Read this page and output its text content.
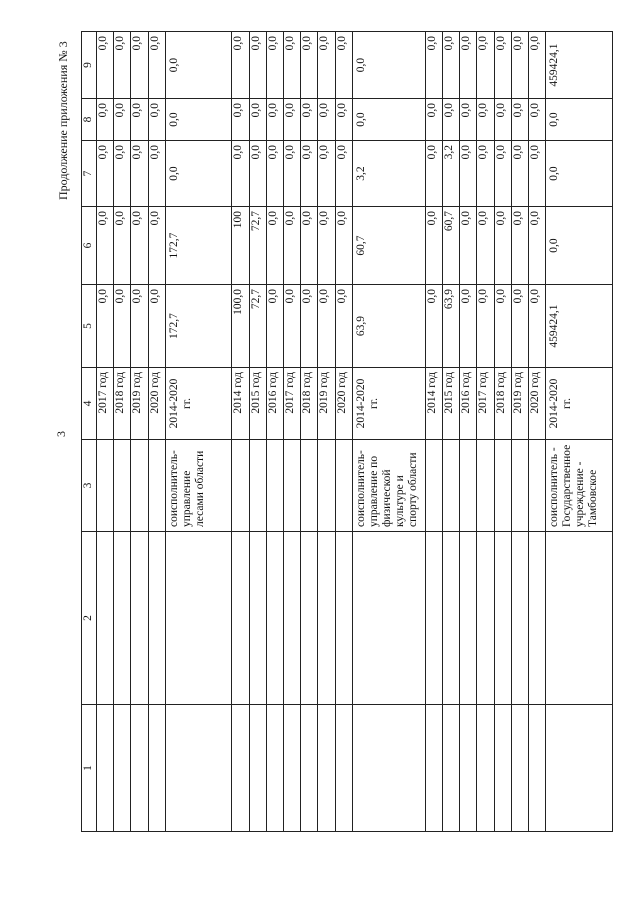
3
Продолжение приложения № 3
1	2	3	4	5	6	7	8	9
			2017 год	0,0	0,0	0,0	0,0	0,0
			2018 год	0,0	0,0	0,0	0,0	0,0
			2019 год	0,0	0,0	0,0	0,0	0,0
			2020 год	0,0	0,0	0,0	0,0	0,0
		соисполнитель-управление лесами области	2014-2020 гг.	172,7	172,7	0,0	0,0	0,0
			2014 год	100,0	100	0,0	0,0	0,0
			2015 год	72,7	72,7	0,0	0,0	0,0
			2016 год	0,0	0,0	0,0	0,0	0,0
			2017 год	0,0	0,0	0,0	0,0	0,0
			2018 год	0,0	0,0	0,0	0,0	0,0
			2019 год	0,0	0,0	0,0	0,0	0,0
			2020 год	0,0	0,0	0,0	0,0	0,0
		соисполнитель-управление по физической культуре и спорту области	2014-2020 гг.	63,9	60,7	3,2	0,0	0,0
			2014 год	0,0	0,0	0,0	0,0	0,0
			2015 год	63,9	60,7	3,2	0,0	0,0
			2016 год	0,0	0,0	0,0	0,0	0,0
			2017 год	0,0	0,0	0,0	0,0	0,0
			2018 год	0,0	0,0	0,0	0,0	0,0
			2019 год	0,0	0,0	0,0	0,0	0,0
			2020 год	0,0	0,0	0,0	0,0	0,0
		соисполнитель - Государственное учреждение - Тамбовское	2014-2020 гг.	459424,1	0,0	0,0	0,0	459424,1
